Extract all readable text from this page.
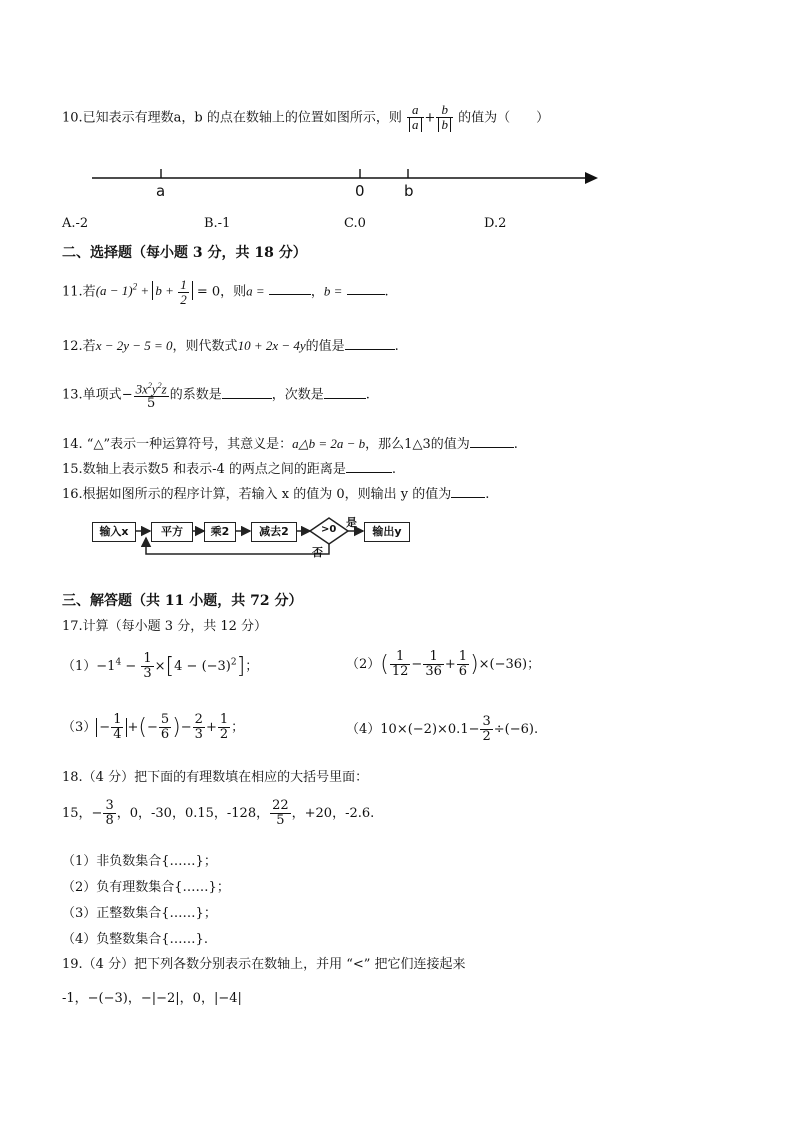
10.已知表示有理数a，b 的点在数轴上的位置如图所示，则 $\frac{a}{a} + \frac{b}{b}$ 的值为（　　）
a	0	b
A.-2	B.-1	C.0	D.2
二、选择题（每小题 3 分，共 18 分）
11.若$(a - 1)^2 + b + \frac{1}{2} = 0$，则a =	，b =	.
12.若x − 2y − 5 = 0，则代数式10 + 2x − 4y的值是	.
13.单项式− $\frac{3x^2y^2z}{5}$ 的系数是	，次数是	.
14. “△”表示一种运算符号，其意义是：a△b = 2a − b，那么1△3的值为	.
15.数轴上表示数5 和表示-4 的两点之间的距离是	.
16.根据如图所示的程序计算，若输入 x 的值为 0，则输出 y 的值为	.
输入x	平方	乘2	减去2	>0	输出y
是
否
三、解答题（共 11 小题，共 72 分）
17.计算（每小题 3 分，共 12 分）
$(1)-1^4 - \frac{1}{3} \times[4 - (-3)^2]$；	$(2)( \frac{1}{12} - \frac{1}{36} + \frac{1}{6} )\times(-36)$；
$(3) - \frac{1}{4}$ +(− $\frac{5}{6}$ )− $\frac{2}{3} + \frac{1}{2}$ ；	$(4)10\times(-2)\times 0.1- \frac{3}{2} \div(-6)$.
18.（4 分）把下面的有理数填在相应的大括号里面：
15，− $\frac{3}{8}$ ，0，-30，0.15，-128， $\frac{22}{5}$ ，+20，-2.6.
（1）非负数集合{……}；
（2）负有理数集合{……}；
（3）正整数集合{……}；
（4）负整数集合{……}.
19.（4 分）把下列各数分别表示在数轴上，并用 “<” 把它们连接起来
-1，−(−3)，−|−2|，0，|−4|
